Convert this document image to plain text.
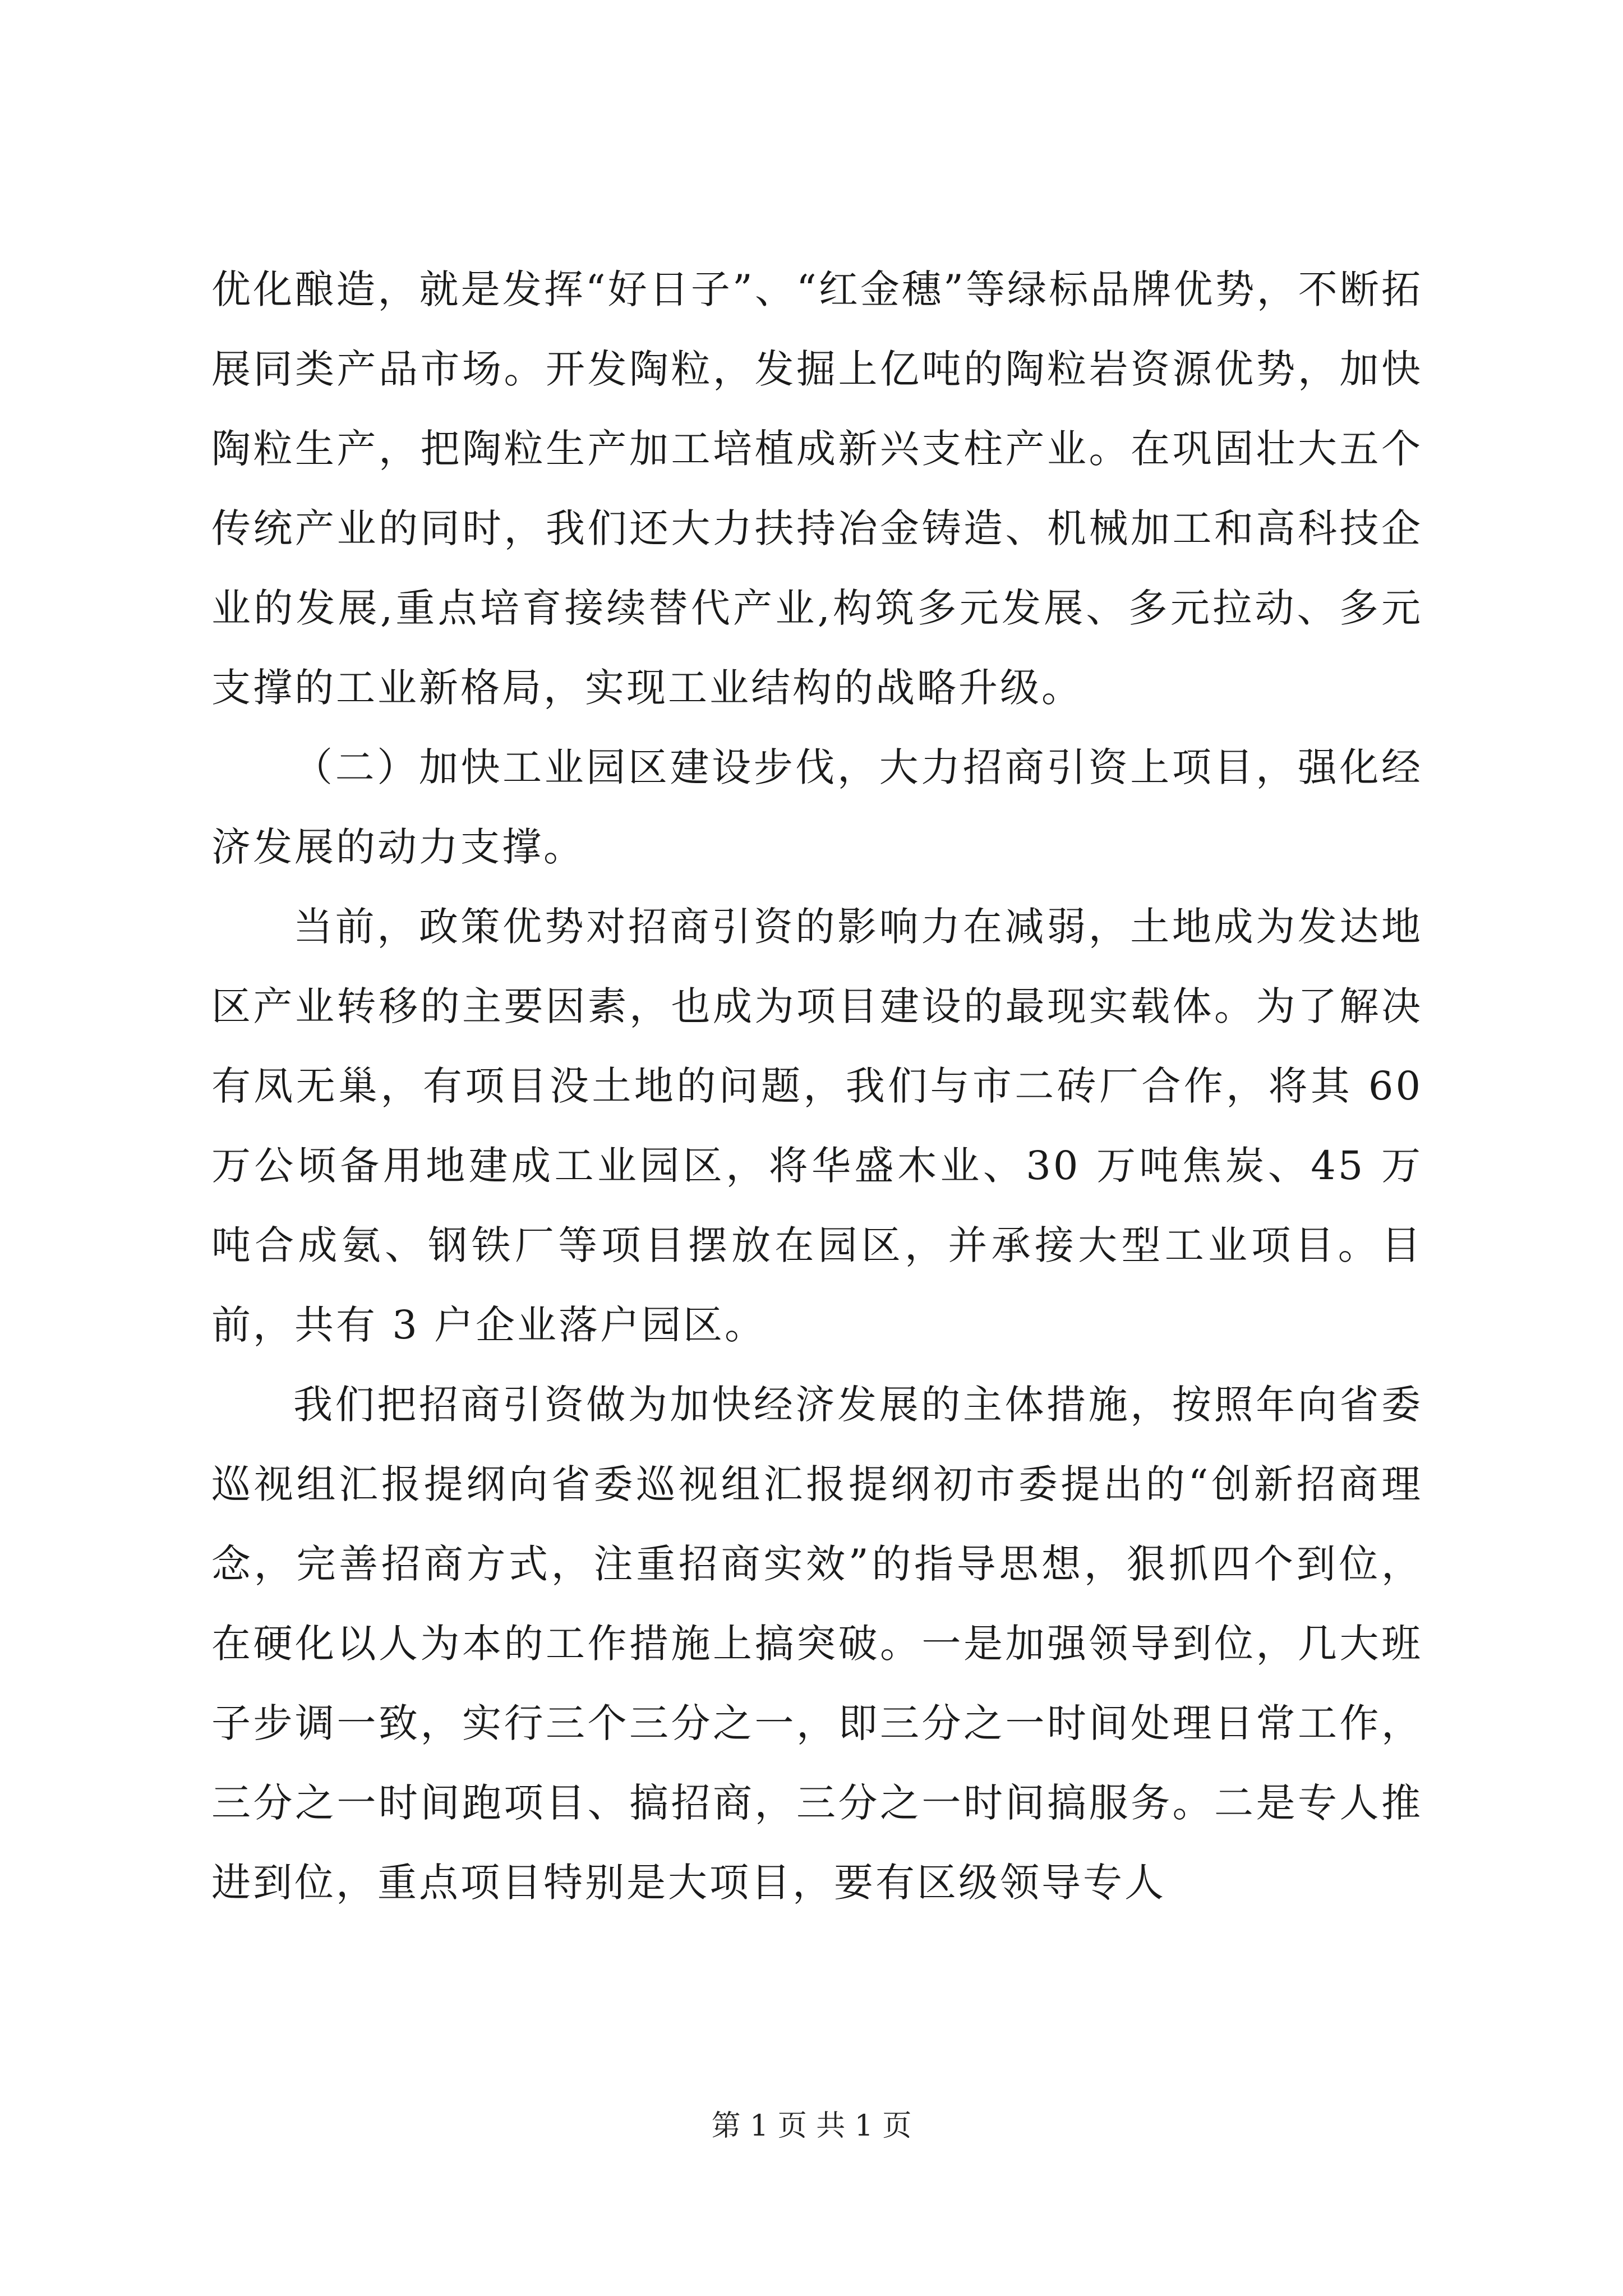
优化酿造，就是发挥“好日子”、“红金穗”等绿标品牌优势，不断拓展同类产品市场。开发陶粒，发掘上亿吨的陶粒岩资源优势，加快陶粒生产，把陶粒生产加工培植成新兴支柱产业。在巩固壮大五个传统产业的同时，我们还大力扶持冶金铸造、机械加工和高科技企业的发展,重点培育接续替代产业,构筑多元发展、多元拉动、多元支撑的工业新格局，实现工业结构的战略升级。

（二）加快工业园区建设步伐，大力招商引资上项目，强化经济发展的动力支撑。

当前，政策优势对招商引资的影响力在减弱，土地成为发达地区产业转移的主要因素，也成为项目建设的最现实载体。为了解决有凤无巢，有项目没土地的问题，我们与市二砖厂合作，将其 60 万公顷备用地建成工业园区，将华盛木业、30 万吨焦炭、45 万吨合成氨、钢铁厂等项目摆放在园区，并承接大型工业项目。目前，共有 3 户企业落户园区。

我们把招商引资做为加快经济发展的主体措施，按照年向省委巡视组汇报提纲向省委巡视组汇报提纲初市委提出的“创新招商理念，完善招商方式，注重招商实效”的指导思想，狠抓四个到位，在硬化以人为本的工作措施上搞突破。一是加强领导到位，几大班子步调一致，实行三个三分之一，即三分之一时间处理日常工作，三分之一时间跑项目、搞招商，三分之一时间搞服务。二是专人推进到位，重点项目特别是大项目，要有区级领导专人

第 1 页 共 1 页
